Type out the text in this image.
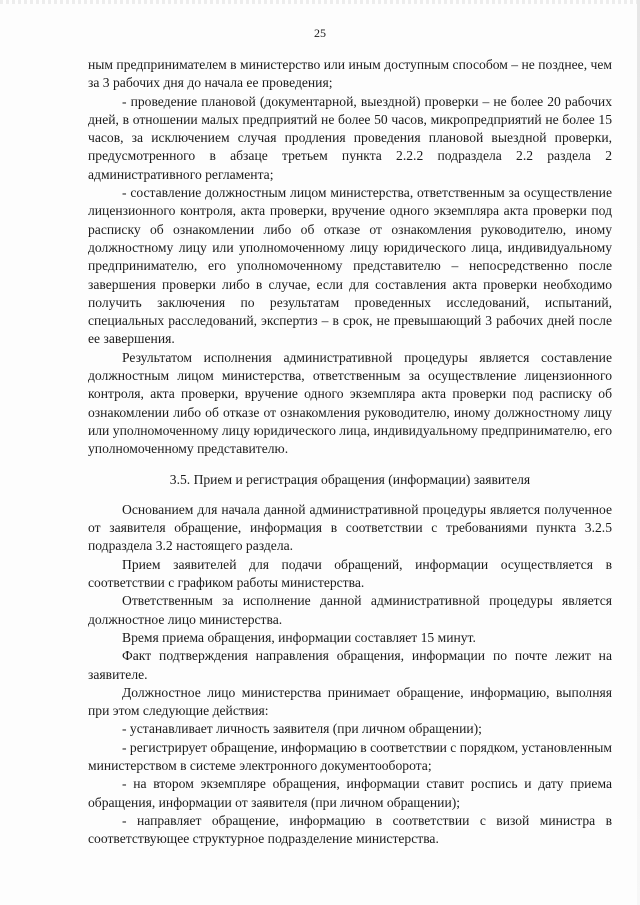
25

ным предпринимателем в министерство или иным доступным способом – не позднее, чем за 3 рабочих дня до начала ее проведения;

- проведение плановой (документарной, выездной) проверки – не более 20 рабочих дней, в отношении малых предприятий не более 50 часов, микропредприятий не более 15 часов, за исключением случая продления проведения плановой выездной проверки, предусмотренного в абзаце третьем пункта 2.2.2 подраздела 2.2 раздела 2 административного регламента;

- составление должностным лицом министерства, ответственным за осуществление лицензионного контроля, акта проверки, вручение одного экземпляра акта проверки под расписку об ознакомлении либо об отказе от ознакомления руководителю, иному должностному лицу или уполномоченному лицу юридического лица, индивидуальному предпринимателю, его уполномоченному представителю – непосредственно после завершения проверки либо в случае, если для составления акта проверки необходимо получить заключения по результатам проведенных исследований, испытаний, специальных расследований, экспертиз – в срок, не превышающий 3 рабочих дней после ее завершения.

Результатом исполнения административной процедуры является составление должностным лицом министерства, ответственным за осуществление лицензионного контроля, акта проверки, вручение одного экземпляра акта проверки под расписку об ознакомлении либо об отказе от ознакомления руководителю, иному должностному лицу или уполномоченному лицу юридического лица, индивидуальному предпринимателю, его уполномоченному представителю.

3.5. Прием и регистрация обращения (информации) заявителя

Основанием для начала данной административной процедуры является полученное от заявителя обращение, информация в соответствии с требованиями пункта 3.2.5 подраздела 3.2 настоящего раздела.

Прием заявителей для подачи обращений, информации осуществляется в соответствии с графиком работы министерства.

Ответственным за исполнение данной административной процедуры является должностное лицо министерства.

Время приема обращения, информации составляет 15 минут.

Факт подтверждения направления обращения, информации по почте лежит на заявителе.

Должностное лицо министерства принимает обращение, информацию, выполняя при этом следующие действия:

- устанавливает личность заявителя (при личном обращении);

- регистрирует обращение, информацию в соответствии с порядком, установленным министерством в системе электронного документооборота;

- на втором экземпляре обращения, информации ставит роспись и дату приема обращения, информации от заявителя (при личном обращении);

- направляет обращение, информацию в соответствии с визой министра в соответствующее структурное подразделение министерства.
